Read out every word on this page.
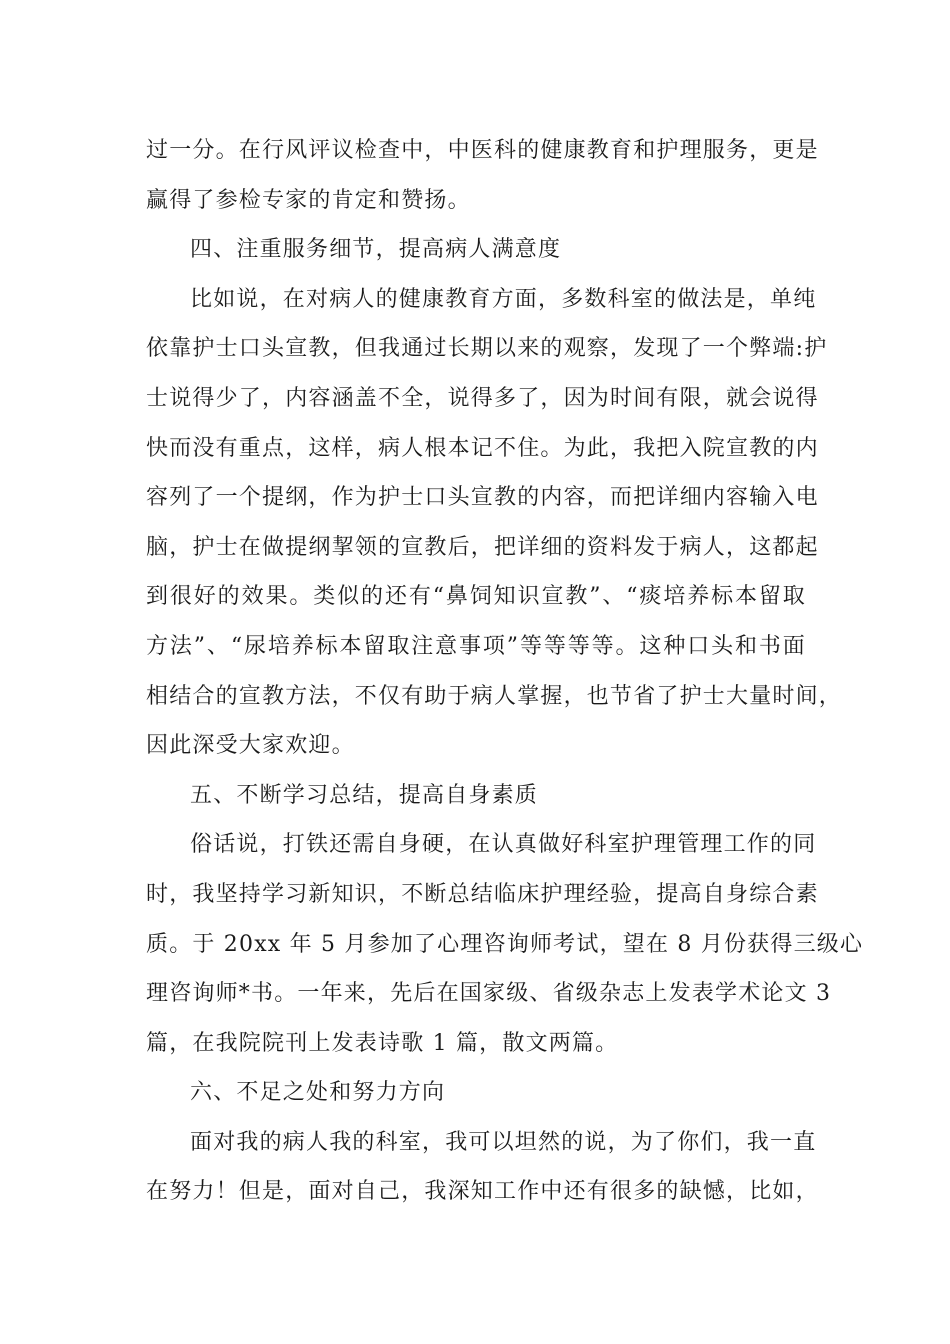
过一分。在行风评议检查中，中医科的健康教育和护理服务，更是
赢得了参检专家的肯定和赞扬。
四、注重服务细节，提高病人满意度
比如说，在对病人的健康教育方面，多数科室的做法是，单纯
依靠护士口头宣教，但我通过长期以来的观察，发现了一个弊端:护
士说得少了，内容涵盖不全，说得多了，因为时间有限，就会说得
快而没有重点，这样，病人根本记不住。为此，我把入院宣教的内
容列了一个提纲，作为护士口头宣教的内容，而把详细内容输入电
脑，护士在做提纲挈领的宣教后，把详细的资料发于病人，这都起
到很好的效果。类似的还有“鼻饲知识宣教”、“痰培养标本留取
方法”、“尿培养标本留取注意事项”等等等等。这种口头和书面
相结合的宣教方法，不仅有助于病人掌握，也节省了护士大量时间，
因此深受大家欢迎。
五、不断学习总结，提高自身素质
俗话说，打铁还需自身硬，在认真做好科室护理管理工作的同
时，我坚持学习新知识，不断总结临床护理经验，提高自身综合素
质。于 20xx 年 5 月参加了心理咨询师考试，望在 8 月份获得三级心
理咨询师*书。一年来，先后在国家级、省级杂志上发表学术论文 3
篇，在我院院刊上发表诗歌 1 篇，散文两篇。
六、不足之处和努力方向
面对我的病人我的科室，我可以坦然的说，为了你们，我一直
在努力！但是，面对自己，我深知工作中还有很多的缺憾，比如，
